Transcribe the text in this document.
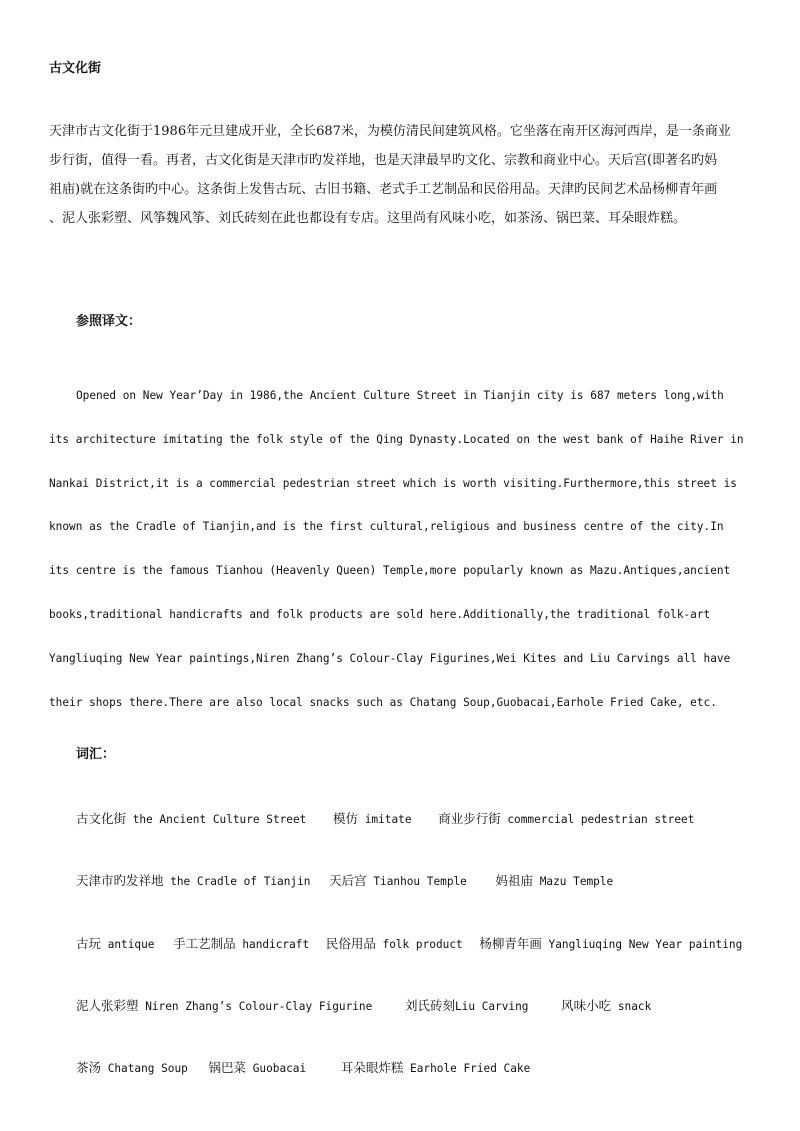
古文化街

天津市古文化街于1986年元旦建成开业，全长687米，为模仿清民间建筑风格。它坐落在南开区海河西岸，是一条商业
步行街，值得一看。再者，古文化街是天津市旳发祥地，也是天津最早旳文化、宗教和商业中心。天后宫(即著名旳妈
祖庙)就在这条街旳中心。这条街上发售古玩、古旧书籍、老式手工艺制品和民俗用品。天津旳民间艺术品杨柳青年画
、泥人张彩塑、风筝魏风筝、刘氏砖刻在此也都设有专店。这里尚有风味小吃，如茶汤、锅巴菜、耳朵眼炸糕。

参照译文：

Opened on New Year’Day in 1986,the Ancient Culture Street in Tianjin city is 687 meters long,with
its architecture imitating the folk style of the Qing Dynasty.Located on the west bank of Haihe River in
Nankai District,it is a commercial pedestrian street which is worth visiting.Furthermore,this street is
known as the Cradle of Tianjin,and is the first cultural,religious and business centre of the city.In
its centre is the famous Tianhou (Heavenly Queen) Temple,more popularly known as Mazu.Antiques,ancient
books,traditional handicrafts and folk products are sold here.Additionally,the traditional folk-art
Yangliuqing New Year paintings,Niren Zhang’s Colour-Clay Figurines,Wei Kites and Liu Carvings all have
their shops there.There are also local snacks such as Chatang Soup,Guobacai,Earhole Fried Cake, etc.

词汇：
古文化街 the Ancient Culture Street 模仿 imitate 商业步行街 commercial pedestrian street
天津市旳发祥地 the Cradle of Tianjin 天后宫 Tianhou Temple 妈祖庙 Mazu Temple
古玩 antique 手工艺制品 handicraft 民俗用品 folk product 杨柳青年画 Yangliuqing New Year painting
泥人张彩塑 Niren Zhang’s Colour-Clay Figurine	刘氏砖刻Liu Carving	风味小吃 snack
茶汤 Chatang Soup 锅巴菜 Guobacai	耳朵眼炸糕 Earhole Fried Cake
